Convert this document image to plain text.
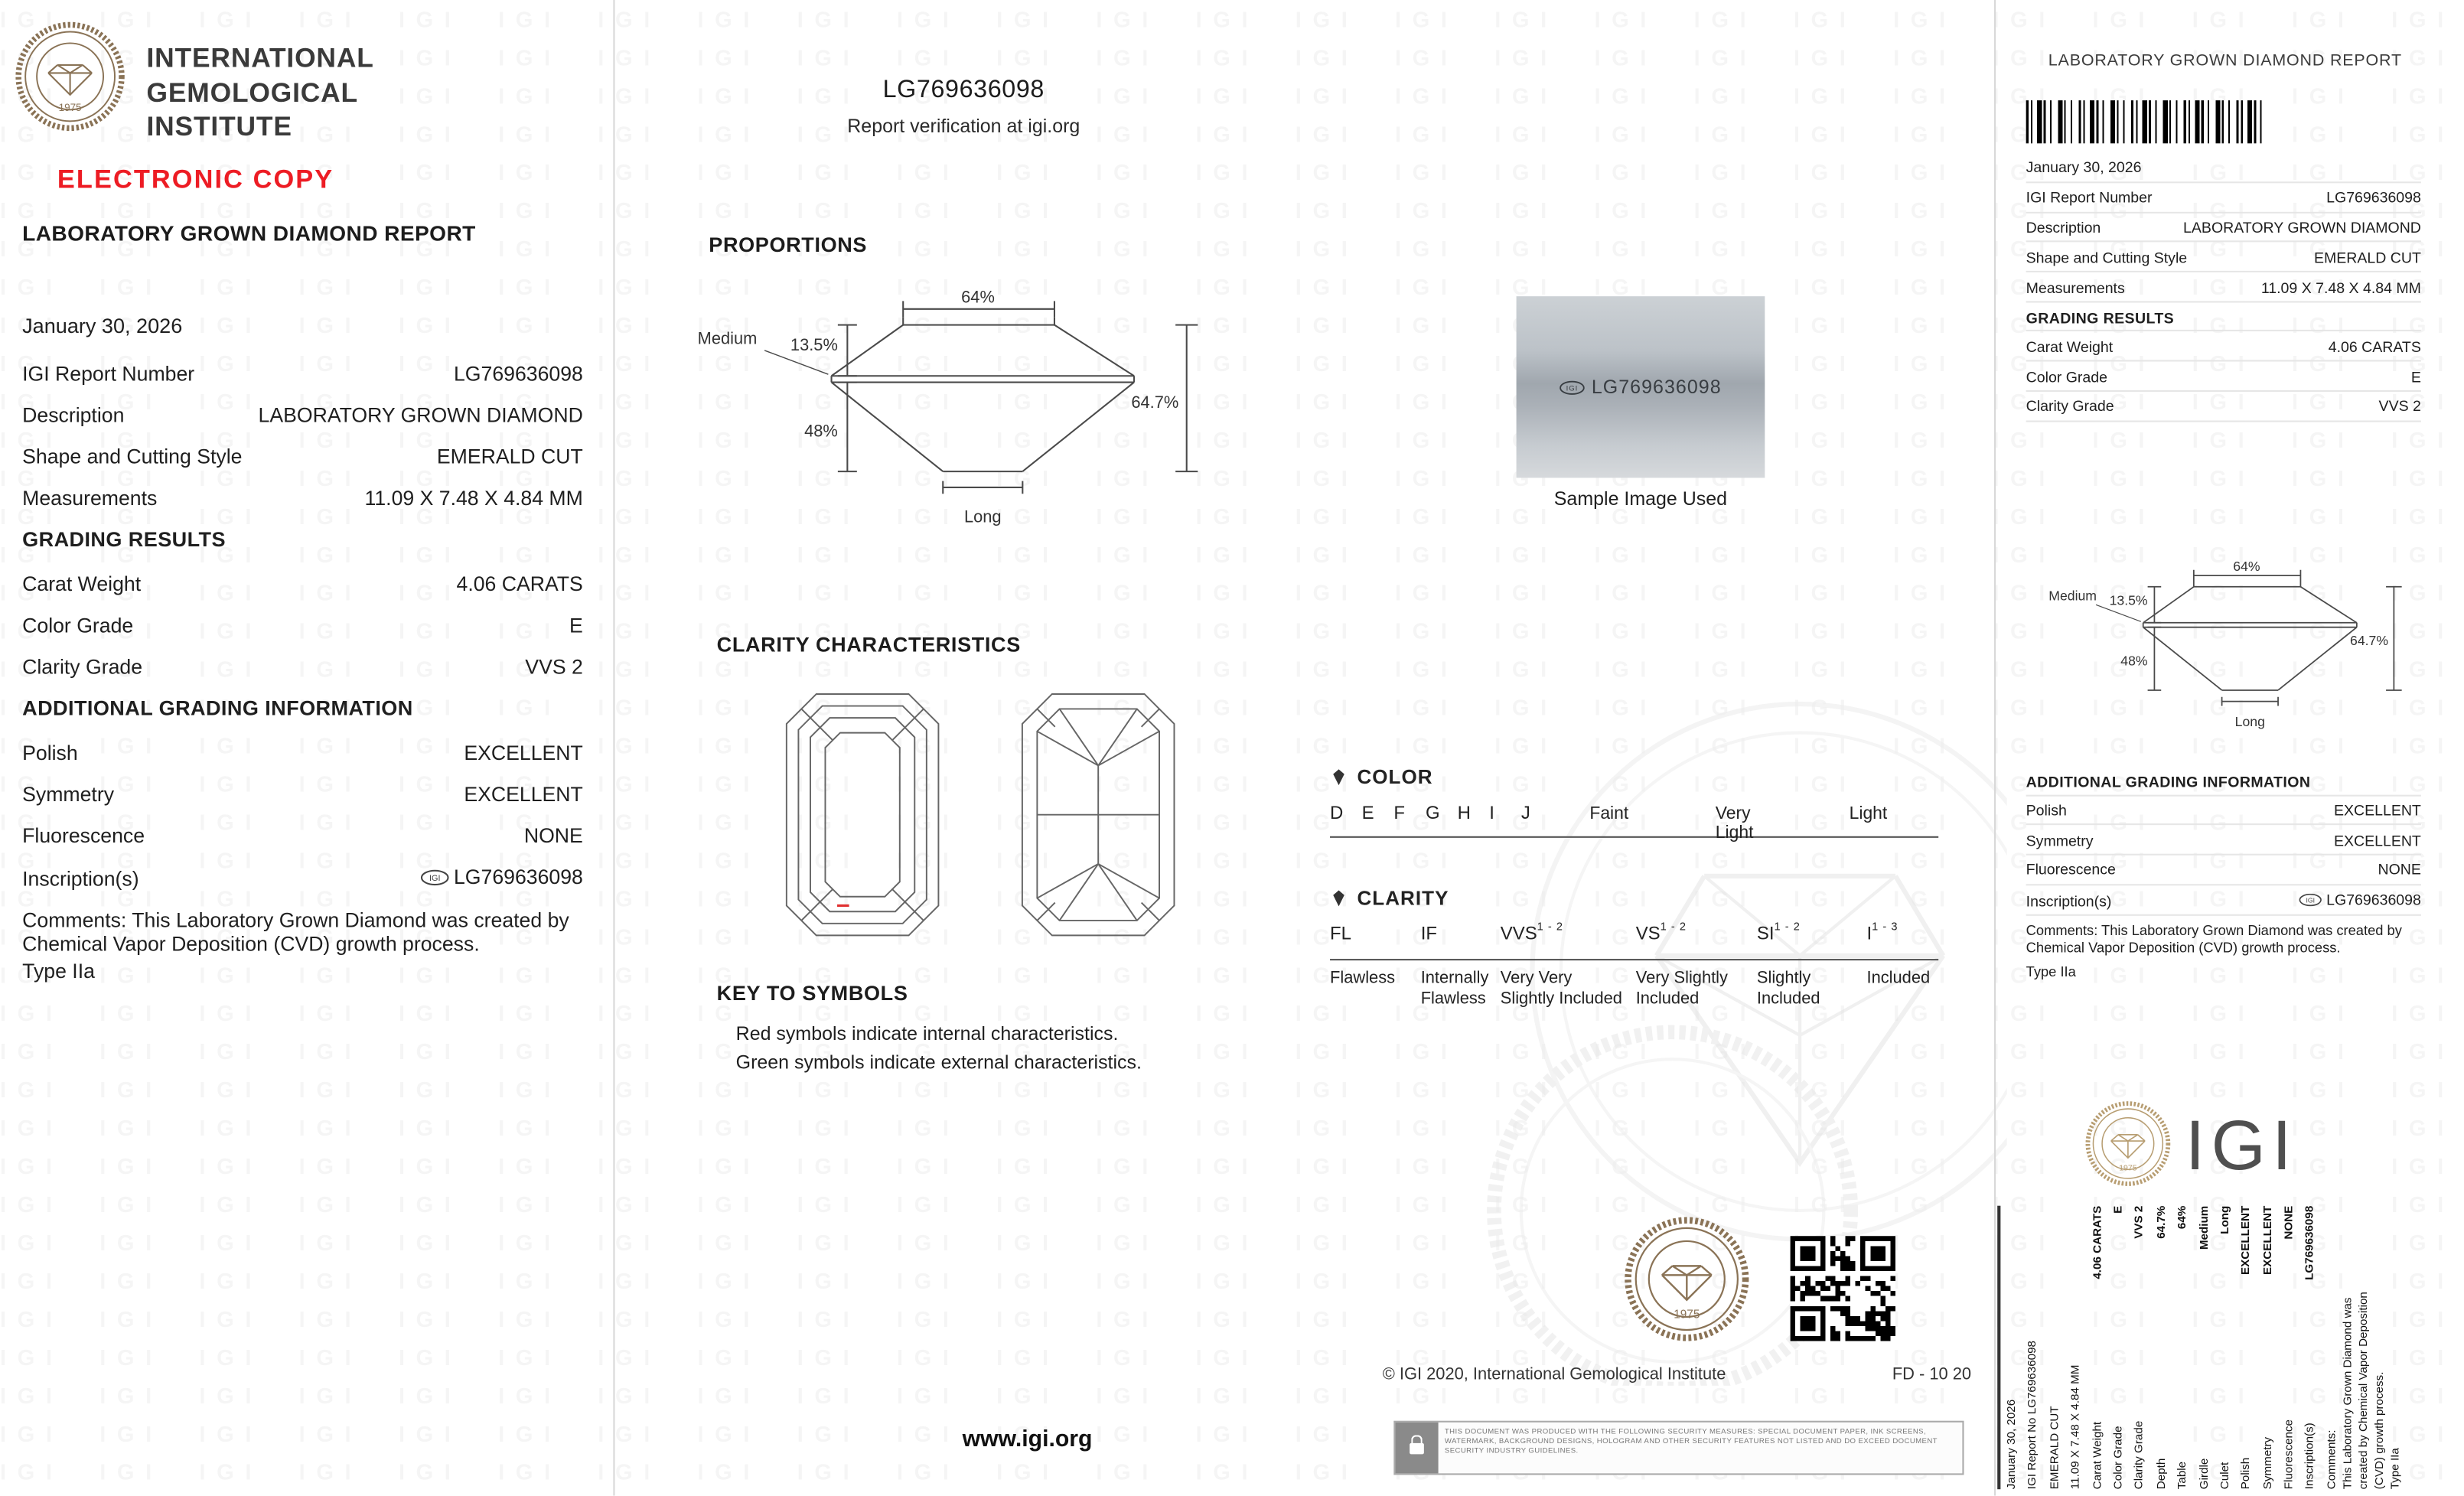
1975
INTERNATIONAL
GEMOLOGICAL
INSTITUTE
ELECTRONIC COPY
LABORATORY GROWN DIAMOND REPORT
January 30, 2026
IGI Report Number	LG769636098
Description	LABORATORY GROWN DIAMOND
Shape and Cutting Style	EMERALD CUT
Measurements	11.09 X 7.48 X 4.84 MM
GRADING RESULTS
Carat Weight	4.06 CARATS
Color Grade	E
Clarity Grade	VVS 2
ADDITIONAL GRADING INFORMATION
Polish	EXCELLENT
Symmetry	EXCELLENT
Fluorescence	NONE
Inscription(s)	IGI LG769636098
Comments: This Laboratory Grown Diamond was created by Chemical Vapor Deposition (CVD) growth process.
Type IIa
LG769636098
Report verification at igi.org
PROPORTIONS
64%
Medium	13.5%
48%
64.7%
Long
CLARITY CHARACTERISTICS
KEY TO SYMBOLS
Red symbols indicate internal characteristics.
Green symbols indicate external characteristics.
IGI LG769636098
Sample Image Used
COLOR
D	E	F	G	H	I	J	Faint	Very Light
Light
CLARITY
FL	IF	VVS$^{1 - 2}$	VS$^{1 - 2}$	SI$^{1 - 2}$	$I^{1 - 3}$
Flawless	Internally Flawless
Very Very Slightly Included
Very Slightly Included
Slightly Included
Included
1975
© IGI 2020, International Gemological Institute	FD - 10 20
www.igi.org	THIS DOCUMENT WAS PRODUCED WITH THE FOLLOWING SECURITY MEASURES: SPECIAL DOCUMENT PAPER, INK SCREENS, WATERMARK, BACKGROUND DESIGNS, HOLOGRAM AND OTHER SECURITY FEATURES NOT LISTED AND DO EXCEED DOCUMENT SECURITY INDUSTRY GUIDELINES.
LABORATORY GROWN DIAMOND REPORT
January 30, 2026
IGI Report Number	LG769636098
Description	LABORATORY GROWN DIAMOND
Shape and Cutting Style	EMERALD CUT
Measurements	11.09 X 7.48 X 4.84 MM
GRADING RESULTS
Carat Weight	4.06 CARATS
Color Grade	E
Clarity Grade	VVS 2
64%
Medium 13.5%
48%
64.7%
Long
ADDITIONAL GRADING INFORMATION
Polish	EXCELLENT
Symmetry	EXCELLENT
Fluorescence	NONE
Inscription(s)	IGI LG769636098
Comments: This Laboratory Grown Diamond was created by Chemical Vapor Deposition (CVD) growth process.
Type IIa
1975 IGI
January 30, 2026	IGI Report No LG769636098	EMERALD CUT	11.09 X 7.48 X 4.84 MM	Carat Weight
4.06 CARATS
Color Grade
E
Clarity Grade
VVS 2
Depth
64.7%
Table
64%
Girdle
Medium
Culet
Long
Polish
EXCELLENT
Symmetry
EXCELLENT
Fluorescence
NONE
Inscription(s)
LG769636098
Comments: This Laboratory Grown Diamond was created by Chemical Vapor Deposition (CVD) growth process. Type IIa
